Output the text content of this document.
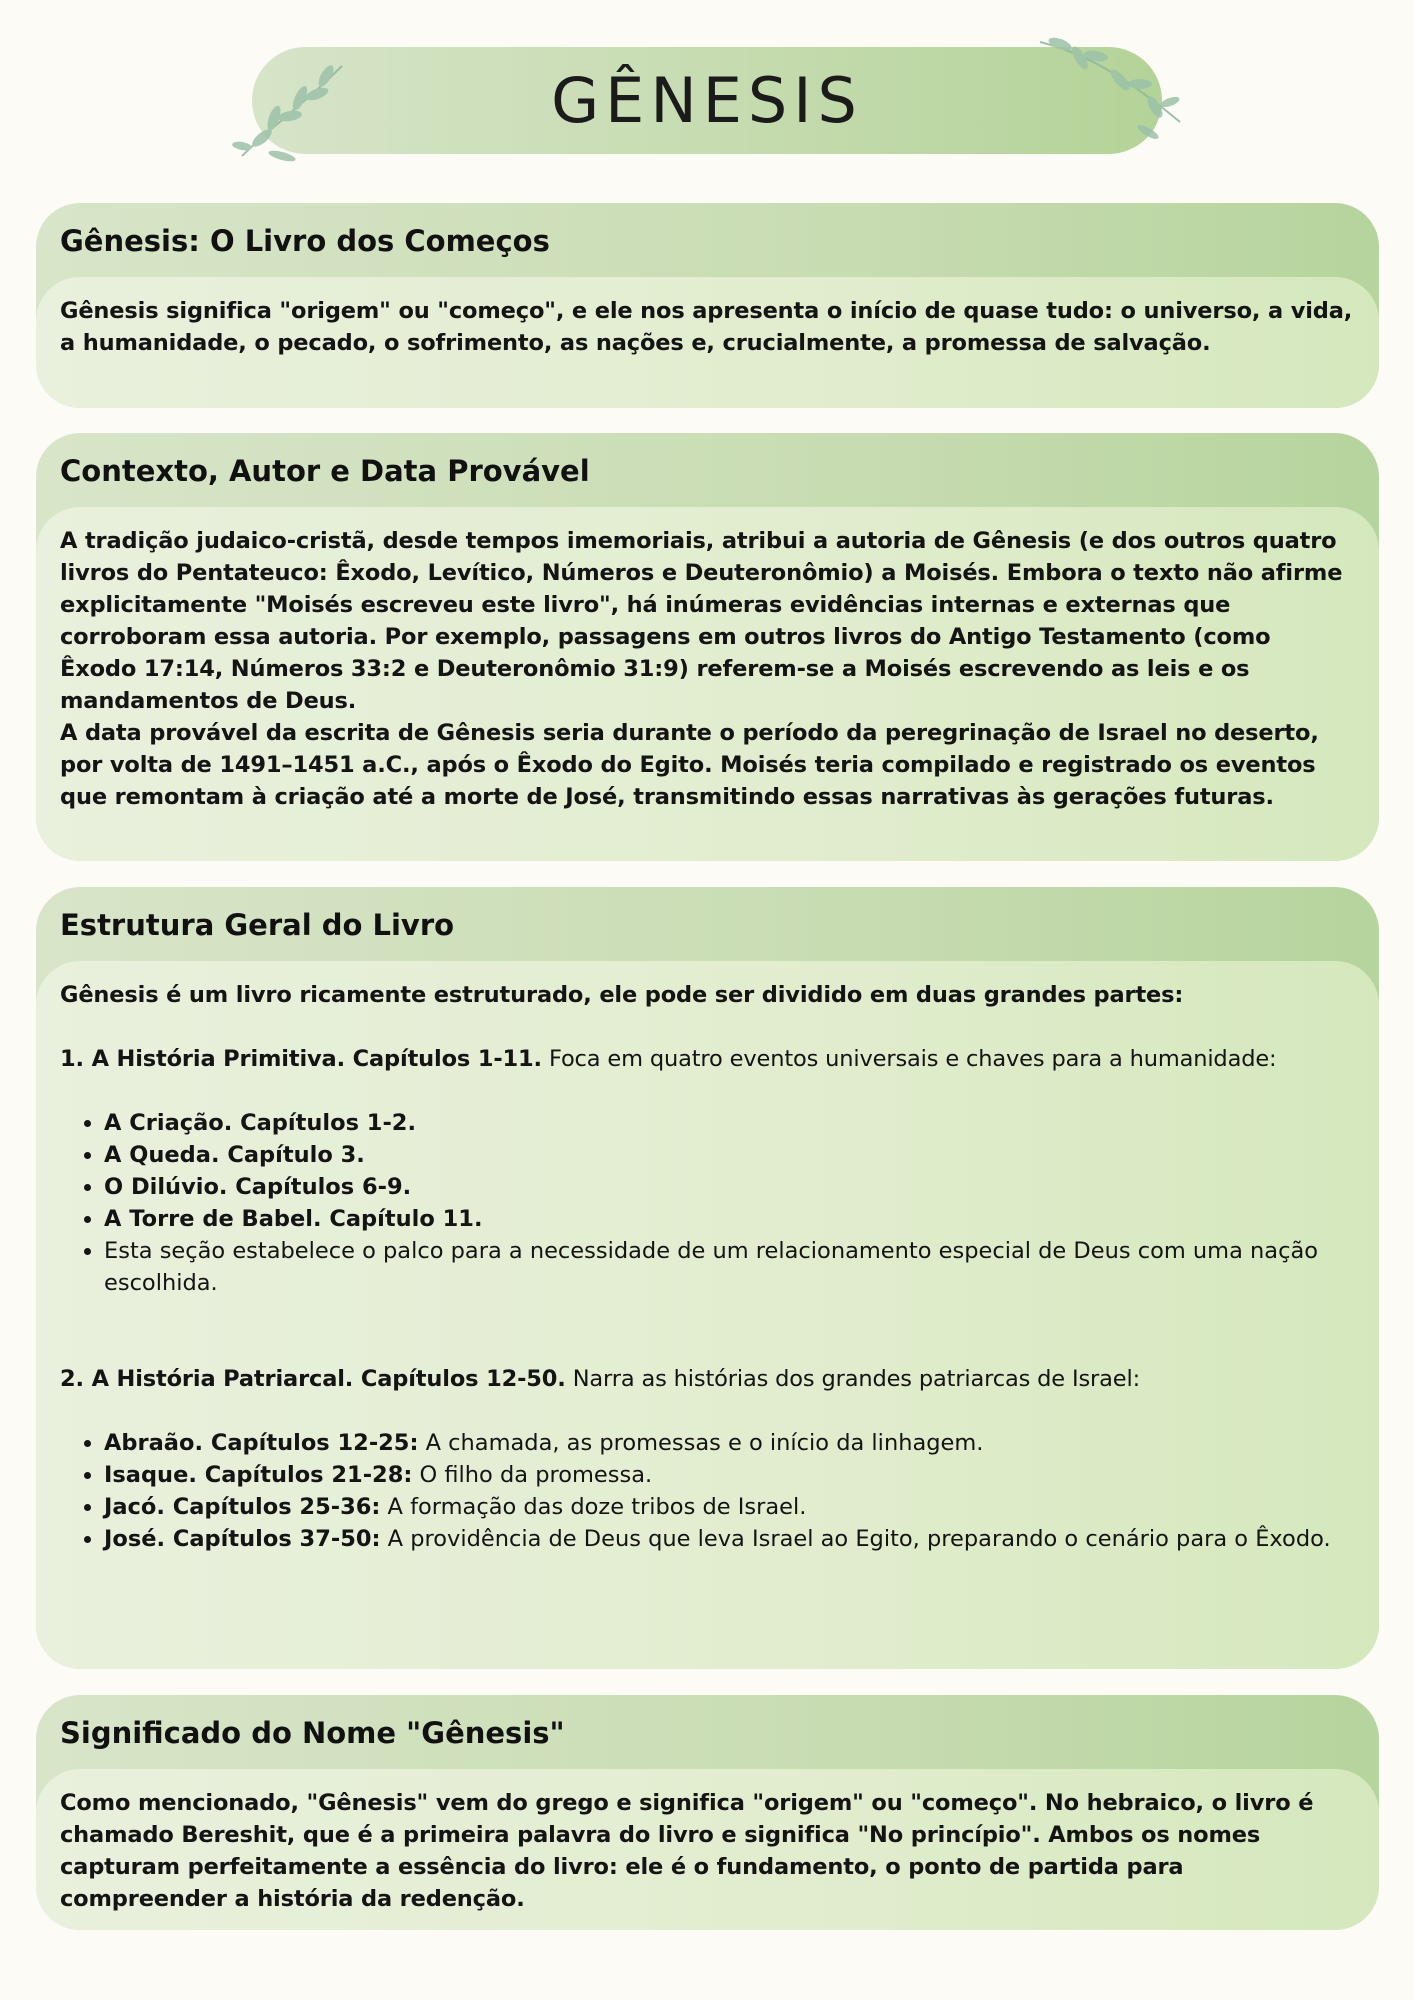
GÊNESIS
Gênesis: O Livro dos Começos

Gênesis significa "origem" ou "começo", e ele nos apresenta o início de quase tudo: o universo, a vida, a humanidade, o pecado, o sofrimento, as nações e, crucialmente, a promessa de salvação.

Contexto, Autor e Data Provável

A tradição judaico-cristã, desde tempos imemoriais, atribui a autoria de Gênesis (e dos outros quatro livros do Pentateuco: Êxodo, Levítico, Números e Deuteronômio) a Moisés. Embora o texto não afirme explicitamente "Moisés escreveu este livro", há inúmeras evidências internas e externas que corroboram essa autoria. Por exemplo, passagens em outros livros do Antigo Testamento (como Êxodo 17:14, Números 33:2 e Deuteronômio 31:9) referem-se a Moisés escrevendo as leis e os mandamentos de Deus.

A data provável da escrita de Gênesis seria durante o período da peregrinação de Israel no deserto, por volta de 1491–1451 a.C., após o Êxodo do Egito. Moisés teria compilado e registrado os eventos que remontam à criação até a morte de José, transmitindo essas narrativas às gerações futuras.

Estrutura Geral do Livro

Gênesis é um livro ricamente estruturado, ele pode ser dividido em duas grandes partes:

1. A História Primitiva. Capítulos 1-11. Foca em quatro eventos universais e chaves para a humanidade:

• A Criação. Capítulos 1-2.
• A Queda. Capítulo 3.
• O Dilúvio. Capítulos 6-9.
• A Torre de Babel. Capítulo 11.
• Esta seção estabelece o palco para a necessidade de um relacionamento especial de Deus com uma nação escolhida.

2. A História Patriarcal. Capítulos 12-50. Narra as histórias dos grandes patriarcas de Israel:

• Abraão. Capítulos 12-25: A chamada, as promessas e o início da linhagem.
• Isaque. Capítulos 21-28: O filho da promessa.
• Jacó. Capítulos 25-36: A formação das doze tribos de Israel.
• José. Capítulos 37-50: A providência de Deus que leva Israel ao Egito, preparando o cenário para o Êxodo.
Significado do Nome "Gênesis"

Como mencionado, "Gênesis" vem do grego e significa "origem" ou "começo". No hebraico, o livro é chamado Bereshit, que é a primeira palavra do livro e significa "No princípio". Ambos os nomes capturam perfeitamente a essência do livro: ele é o fundamento, o ponto de partida para compreender a história da redenção.
